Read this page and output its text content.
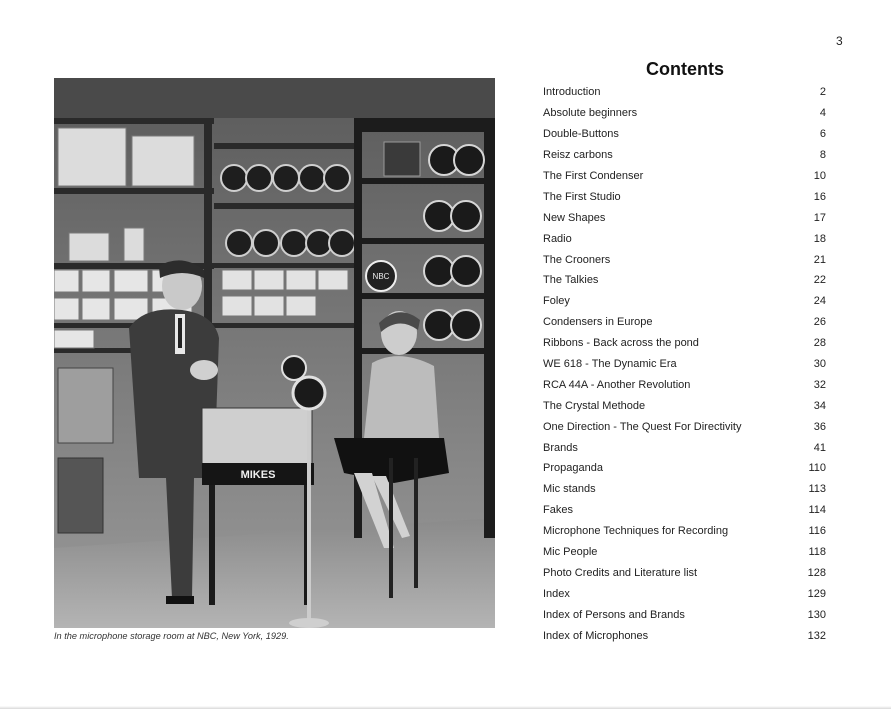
3
NBC
MIKES
In the microphone storage room at NBC, New York, 1929.
Contents
Introduction	2
Absolute beginners	4
Double-Buttons	6
Reisz carbons	8
The First Condenser	10
The First Studio	16
New Shapes	17
Radio	18
The Crooners	21
The Talkies	22
Foley	24
Condensers in Europe	26
Ribbons - Back across the pond	28
WE 618 - The Dynamic Era	30
RCA 44A - Another Revolution	32
The Crystal Methode	34
One Direction - The Quest For Directivity	36
Brands	41
Propaganda	110
Mic stands	113
Fakes	114
Microphone Techniques for Recording	116
Mic People	118
Photo Credits and Literature list	128
Index	129
Index of Persons and Brands	130
Index of Microphones	132
